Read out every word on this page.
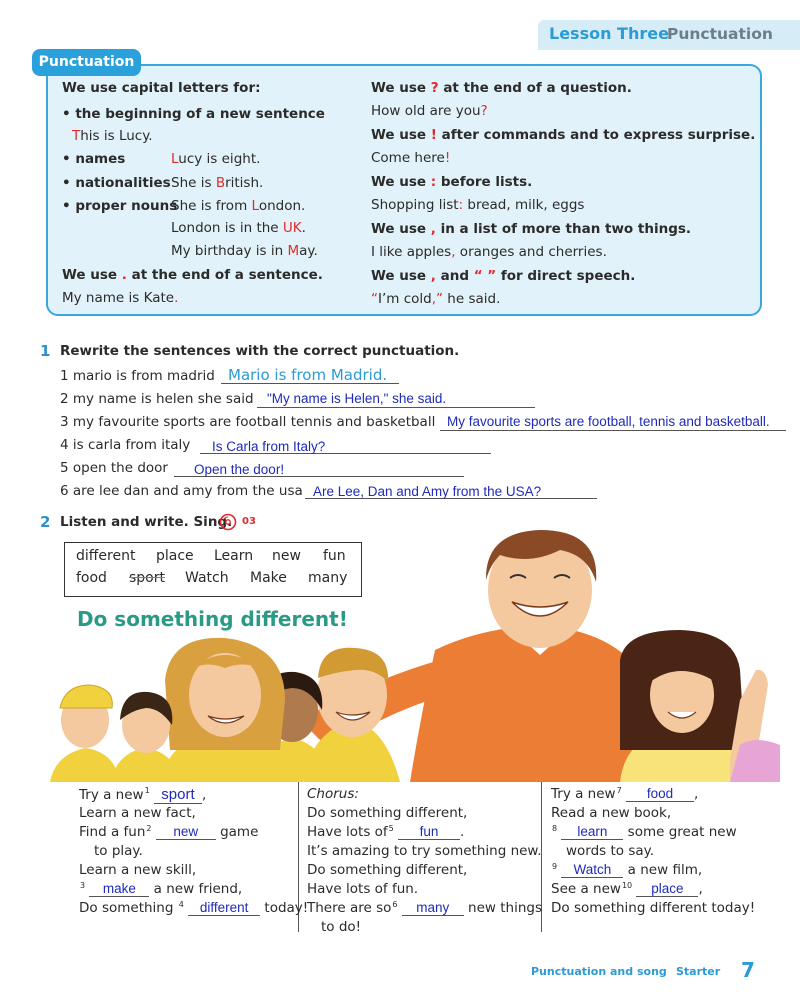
Lesson Three
Punctuation
Punctuation
We use capital letters for:
• the beginning of a new sentence
This is Lucy.
• names	Lucy is eight.
• nationalities She is British.
• proper nouns
She is from London.
London is in the UK.
My birthday is in May.
We use . at the end of a sentence.
My name is Kate.
We use ? at the end of a question.
How old are you?
We use ! after commands and to express surprise.
Come here!
We use : before lists.
Shopping list: bread, milk, eggs
We use , in a list of more than two things.
I like apples, oranges and cherries.
We use , and “ ” for direct speech.
“I’m cold,” he said.
1 Rewrite the sentences with the correct punctuation.
1 mario is from madrid Mario is from Madrid.
2 my name is helen she said "My name is Helen," she said.
3 my favourite sports are football tennis and basketball My favourite sports are football, tennis and basketball.
4 is carla from italy Is Carla from Italy?
5 open the door Open the door!
6 are lee dan and amy from the usa Are Lee, Dan and Amy from the USA?
2 Listen and write. Sing. 03
different place Learn new fun
food sport Watch Make many
Do something different!
Try a new$^1$ sport ,
Learn a new fact,
Find a fun$^2$ new game
to play.
Learn a new skill,
$^3$ make a new friend,
Do something $^4$ different today!
Chorus:
Do something different,
Have lots $of^5$ fun .
It’s amazing to try something new.
Do something different,
Have lots of fun.
There are $so^6$ many new things
to do!
Try a new$^7$ food ,
Read a new book,
$^8$ learn some great new
words to say.
$^9$ Watch a new film,
See a new$^{10}$ place ,
Do something different today!
Punctuation and song Starter 7
